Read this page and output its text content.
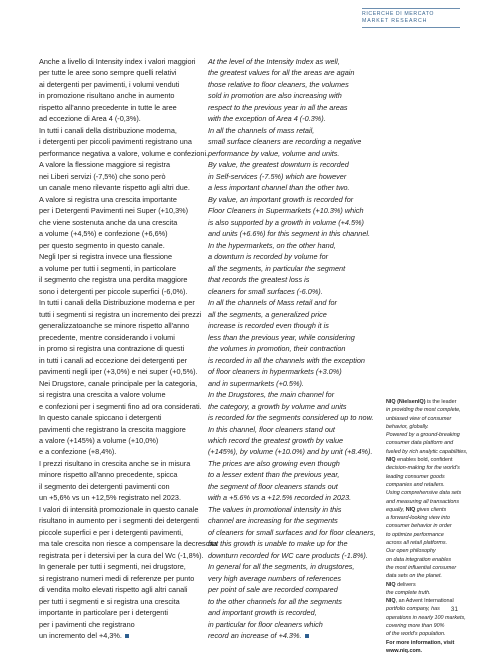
RICERCHE DI MERCATO
MARKET RESEARCH
Anche a livello di Intensity index i valori maggiori
per tutte le aree sono sempre quelli relativi
ai detergenti per pavimenti, i volumi venduti
in promozione risultano anche in aumento
rispetto all'anno precedente in tutte le aree
ad eccezione di Area 4 (-0,3%).
In tutti i canali della distribuzione moderna,
i detergenti per piccoli pavimenti registrano una
performance negativa a valore, volume e confezioni.
A valore la flessione maggiore si registra
nei Liberi servizi (-7,5%) che sono però
un canale meno rilevante rispetto agli altri due.
A valore si registra una crescita importante
per i Detergenti Pavimenti nei Super (+10,3%)
che viene sostenuta anche da una crescita
a volume (+4,5%) e confezione (+6,6%)
per questo segmento in questo canale.
Negli Iper si registra invece una flessione
a volume per tutti i segmenti, in particolare
il segmento che registra una perdita maggiore
sono i detergenti per piccole superfici (-6,0%).
In tutti i canali della Distribuzione moderna e per
tutti i segmenti si registra un incremento dei prezzi
generalizzatoanche se minore rispetto all'anno
precedente, mentre considerando i volumi
in promo si registra una contrazione di questi
in tutti i canali ad eccezione dei detergenti per
pavimenti negli iper (+3,0%) e nei super (+0,5%).
Nei Drugstore, canale principale per la categoria,
si registra una crescita a valore volume
e confezioni per i segmenti fino ad ora considerati.
In questo canale spiccano i detergenti
pavimenti che registrano la crescita maggiore
a valore (+145%) a volume (+10,0%)
e a confezione (+8,4%).
I prezzi risultano in crescita anche se in misura
minore rispetto all'anno precedente, spicca
il segmento dei detergenti pavimenti con
un +5,6% vs un +12,5% registrato nel 2023.
I valori di intensità promozionale in questo canale
risultano in aumento per i segmenti dei detergenti
piccole superfici e per i detergenti pavimenti,
ma tale crescita non riesce a compensare la decrescita
registrata per i detersivi per la cura del Wc (-1,8%).
In generale per tutti i segmenti, nei drugstore,
si registrano numeri medi di referenze per punto
di vendita molto elevati rispetto agli altri canali
per tutti i segmenti e si registra una crescita
importante in particolare per i detergenti
per i pavimenti che registrano
un incremento del +4,3%.
At the level of the Intensity Index as well,
the greatest values for all the areas are again
those relative to floor cleaners, the volumes
sold in promotion are also increasing with
respect to the previous year in all the areas
with the exception of Area 4 (-0.3%).
In all the channels of mass retail,
small surface cleaners are recording a negative
performance by value, volume and units.
By value, the greatest downturn is recorded
in Self-services (-7.5%) which are however
a less important channel than the other two.
By value, an important growth is recorded for
Floor Cleaners in Supermarkets (+10.3%) which
is also supported by a growth in volume (+4.5%)
and units (+6.6%) for this segment in this channel.
In the hypermarkets, on the other hand,
a downturn is recorded by volume for
all the segments, in particular the segment
that records the greatest loss is
cleaners for small surfaces (-6.0%).
In all the channels of Mass retail and for
all the segments, a generalized price
increase is recorded even though it is
less than the previous year, while considering
the volumes in promotion, their contraction
is recorded in all the channels with the exception
of floor cleaners in hypermarkets (+3.0%)
and in supermarkets (+0.5%).
In the Drugstores, the main channel for
the category, a growth by volume and units
is recorded for the segments considered up to now.
In this channel, floor cleaners stand out
which record the greatest growth by value
(+145%), by volume (+10.0%) and by unit (+8.4%).
The prices are also growing even though
to a lesser extent than the previous year,
the segment of floor cleaners stands out
with a +5.6% vs a +12.5% recorded in 2023.
The values in promotional intensity in this
channel are increasing for the segments
of cleaners for small surfaces and for floor cleaners,
but this growth is unable to make up for the
downturn recorded for WC care products (-1.8%).
In general for all the segments, in drugstores,
very high average numbers of references
per point of sale are recorded compared
to the other channels for all the segments
and important growth is recorded,
in particular for floor cleaners which
record an increase of +4.3%.
NIQ (NielsenIQ) is the leader
in providing the most complete,
unbiased view of consumer
behavior, globally.
Powered by a ground-breaking
consumer data platform and
fueled by rich analytic capabilities,
NIQ enables bold, confident
decision-making for the world's
leading consumer goods
companies and retailers.
Using comprehensive data sets
and measuring all transactions
equally, NIQ gives clients
a forward-looking view into
consumer behavior in order
to optimize performance
across all retail platforms.
Our open philosophy
on data integration enables
the most influential consumer
data sets on the planet.
NIQ delivers
the complete truth.
NIQ, an Advent International
portfolio company, has
operations in nearly 100 markets,
covering more than 90%
of the world's population.
For more information, visit
www.niq.com.
31
